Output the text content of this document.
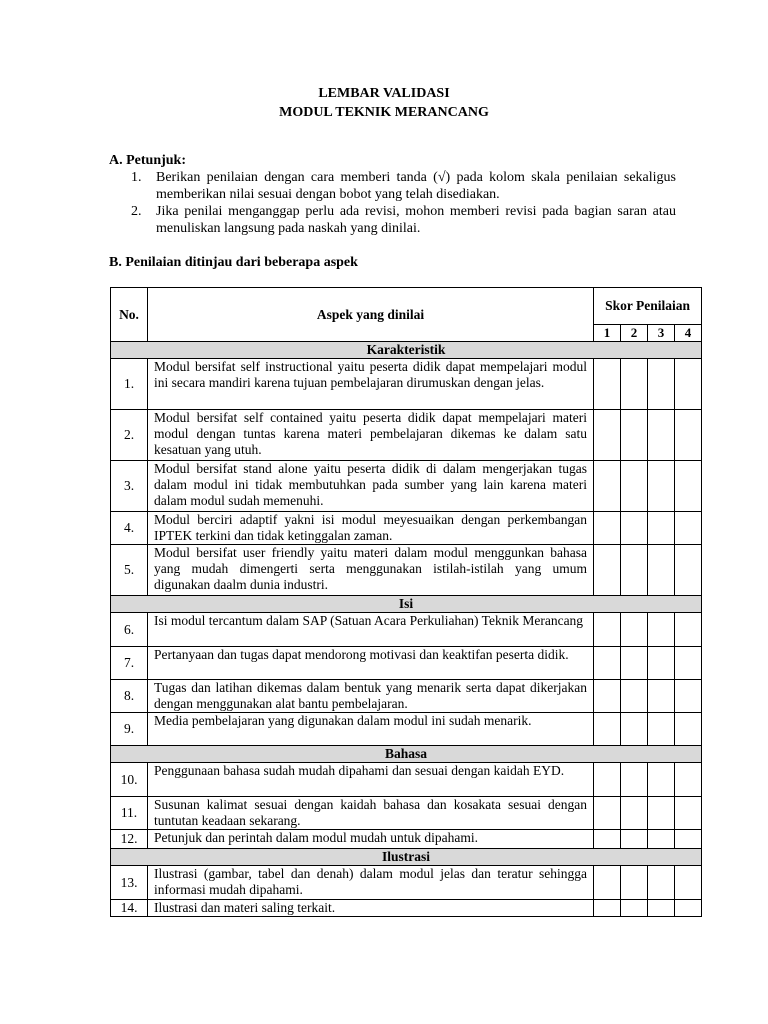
LEMBAR VALIDASI
MODUL TEKNIK MERANCANG
A. Petunjuk:
1. Berikan penilaian dengan cara memberi tanda (√) pada kolom skala penilaian sekaligus memberikan nilai sesuai dengan bobot yang telah disediakan.
2. Jika penilai menganggap perlu ada revisi, mohon memberi revisi pada bagian saran atau menuliskan langsung pada naskah yang dinilai.
B. Penilaian ditinjau dari beberapa aspek
No.	Aspek yang dinilai	Skor Penilaian			
		1	2	3	4
Karakteristik					
1.	Modul bersifat self instructional yaitu peserta didik dapat mempelajari modul ini secara mandiri karena tujuan pembelajaran dirumuskan dengan jelas.				
2.	Modul bersifat self contained yaitu peserta didik dapat mempelajari materi modul dengan tuntas karena materi pembelajaran dikemas ke dalam satu kesatuan yang utuh.				
3.	Modul bersifat stand alone yaitu peserta didik di dalam mengerjakan tugas dalam modul ini tidak membutuhkan pada sumber yang lain karena materi dalam modul sudah memenuhi.				
4.	Modul berciri adaptif yakni isi modul meyesuaikan dengan perkembangan IPTEK terkini dan tidak ketinggalan zaman.				
5.	Modul bersifat user friendly yaitu materi dalam modul menggunkan bahasa yang mudah dimengerti serta menggunakan istilah-istilah yang umum digunakan daalm dunia industri.				
Isi					
6.	Isi modul tercantum dalam SAP (Satuan Acara Perkuliahan) Teknik Merancang				
7.	Pertanyaan dan tugas dapat mendorong motivasi dan keaktifan peserta didik.				
8.	Tugas dan latihan dikemas dalam bentuk yang menarik serta dapat dikerjakan dengan menggunakan alat bantu pembelajaran.				
9.	Media pembelajaran yang digunakan dalam modul ini sudah menarik.				
Bahasa					
10.	Penggunaan bahasa sudah mudah dipahami dan sesuai dengan kaidah EYD.				
11.	Susunan kalimat sesuai dengan kaidah bahasa dan kosakata sesuai dengan tuntutan keadaan sekarang.				
12.	Petunjuk dan perintah dalam modul mudah untuk dipahami.				
Ilustrasi					
13.	Ilustrasi (gambar, tabel dan denah) dalam modul jelas dan teratur sehingga informasi mudah dipahami.				
14.	Ilustrasi dan materi saling terkait.				
